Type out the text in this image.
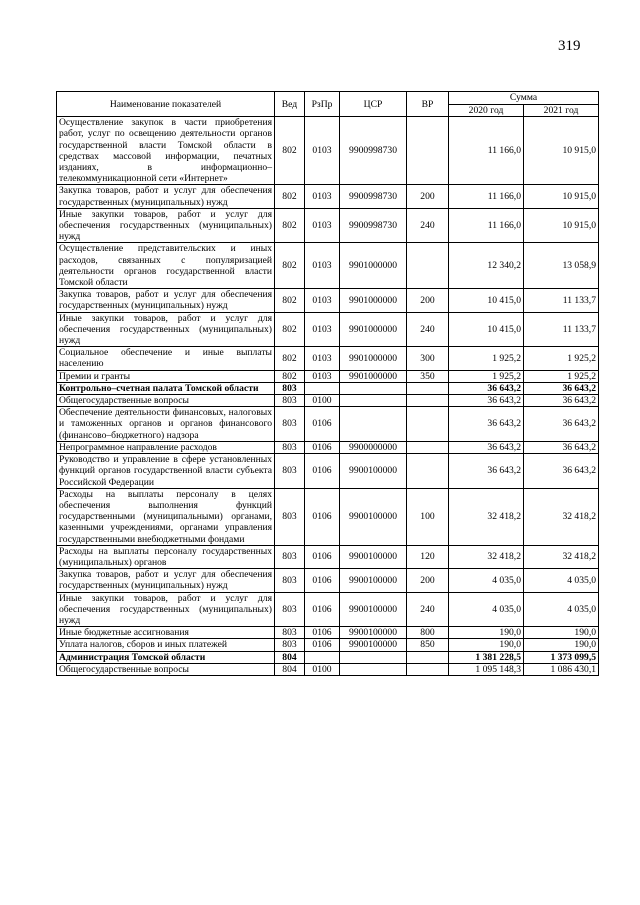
319
Наименование показателей	Вед	РзПр	ЦСР	ВР	Сумма	
					2020 год	2021 год
Осуществление закупок в части приобретения работ, услуг по освещению деятельности органов государственной власти Томской области в средствах массовой информации, печатных изданиях, в информационно–телекоммуникационной сети «Интернет»	802	0103	9900998730		11 166,0	10 915,0
Закупка товаров, работ и услуг для обеспечения государственных (муниципальных) нужд	802	0103	9900998730	200	11 166,0	10 915,0
Иные закупки товаров, работ и услуг для обеспечения государственных (муниципальных) нужд	802	0103	9900998730	240	11 166,0	10 915,0
Осуществление представительских и иных расходов, связанных с популяризацией деятельности органов государственной власти Томской области	802	0103	9901000000		12 340,2	13 058,9
Закупка товаров, работ и услуг для обеспечения государственных (муниципальных) нужд	802	0103	9901000000	200	10 415,0	11 133,7
Иные закупки товаров, работ и услуг для обеспечения государственных (муниципальных) нужд	802	0103	9901000000	240	10 415,0	11 133,7
Социальное обеспечение и иные выплаты населению	802	0103	9901000000	300	1 925,2	1 925,2
Премии и гранты	802	0103	9901000000	350	1 925,2	1 925,2
Контрольно–счетная палата Томской области	803				36 643,2	36 643,2
Общегосударственные вопросы	803	0100			36 643,2	36 643,2
Обеспечение деятельности финансовых, налоговых и таможенных органов и органов финансового (финансово–бюджетного) надзора	803	0106			36 643,2	36 643,2
Непрограммное направление расходов	803	0106	9900000000		36 643,2	36 643,2
Руководство и управление в сфере установленных функций органов государственной власти субъекта Российской Федерации	803	0106	9900100000		36 643,2	36 643,2
Расходы на выплаты персоналу в целях обеспечения выполнения функций государственными (муниципальными) органами, казенными учреждениями, органами управления государственными внебюджетными фондами	803	0106	9900100000	100	32 418,2	32 418,2
Расходы на выплаты персоналу государственных (муниципальных) органов	803	0106	9900100000	120	32 418,2	32 418,2
Закупка товаров, работ и услуг для обеспечения государственных (муниципальных) нужд	803	0106	9900100000	200	4 035,0	4 035,0
Иные закупки товаров, работ и услуг для обеспечения государственных (муниципальных) нужд	803	0106	9900100000	240	4 035,0	4 035,0
Иные бюджетные ассигнования	803	0106	9900100000	800	190,0	190,0
Уплата налогов, сборов и иных платежей	803	0106	9900100000	850	190,0	190,0
Администрация Томской области	804				1 381 228,5	1 373 099,5
Общегосударственные вопросы	804	0100			1 095 148,3	1 086 430,1
